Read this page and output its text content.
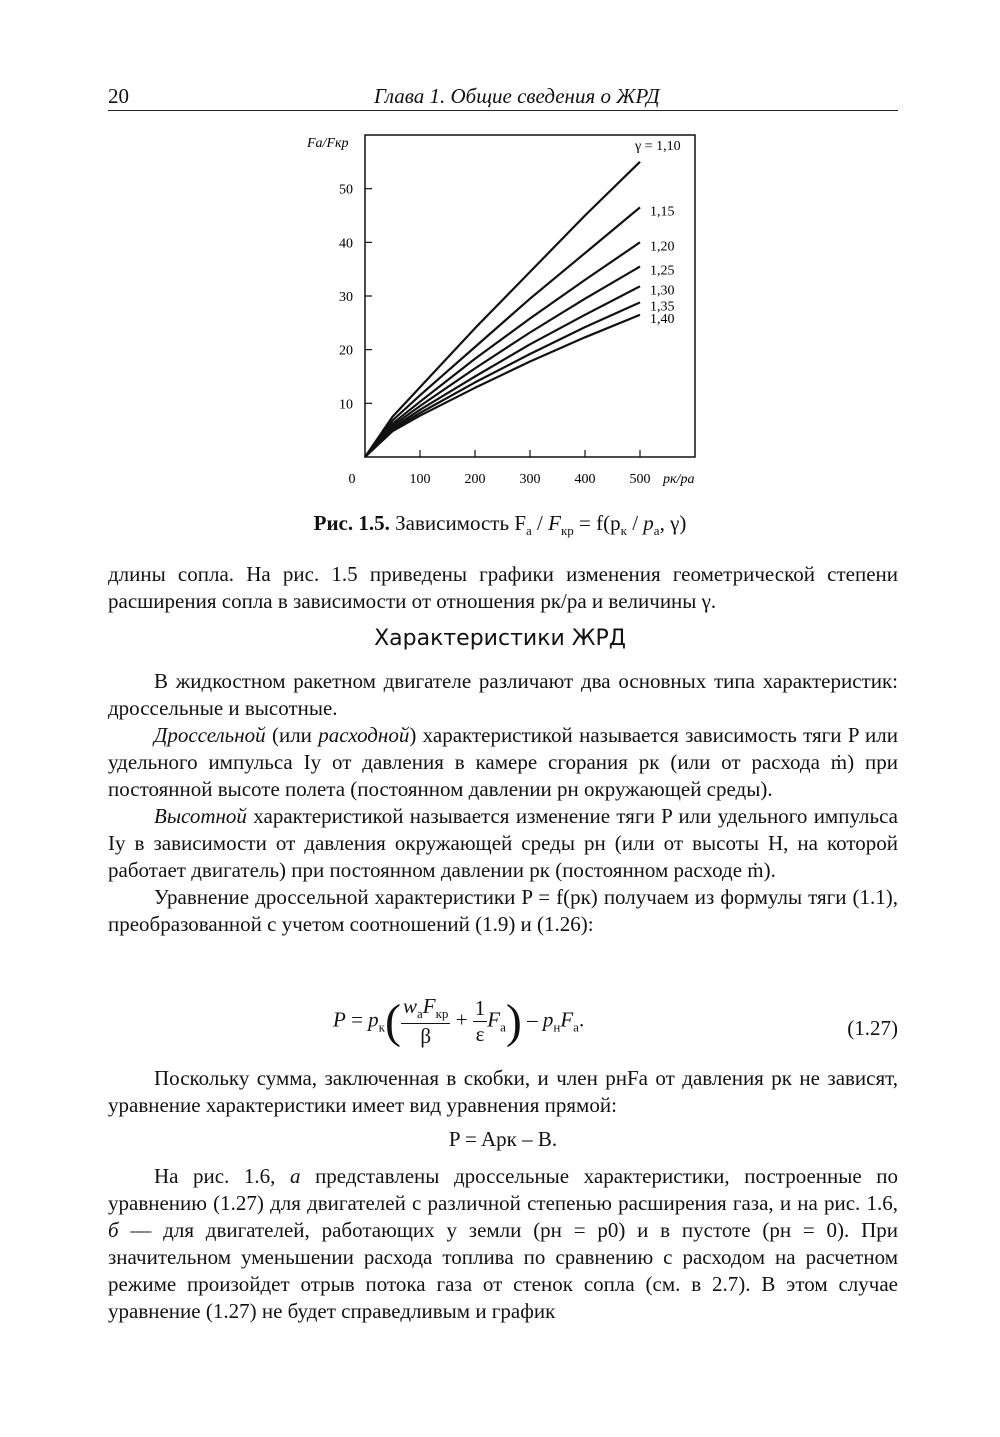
20	Глава 1. Общие сведения о ЖРД
10
20
30
40
50
0	100 200 300 400 500
Fa/Fкр
pк/pа
γ = 1,10
1,15
1,20
1,25
1,30
1,35
1,40
Рис. 1.5. Зависимость $F_а / F_{кр} = f(p_к / p_а$, γ)

длины сопла. На рис. 1.5 приведены графики изменения геометрической степени расширения сопла в зависимости от отношения pк/pa и величины γ.

Характеристики ЖРД

В жидкостном ракетном двигателе различают два основных типа характеристик: дроссельные и высотные.

Дроссельной (или расходной) характеристикой называется зависимость тяги P или удельного импульса Iу от давления в камере сгорания pк (или от расхода ṁ) при постоянной высоте полета (постоянном давлении pн окружающей среды).

Высотной характеристикой называется изменение тяги P или удельного импульса Iу в зависимости от давления окружающей среды pн (или от высоты H, на которой работает двигатель) при постоянном давлении pк (постоянном расходе ṁ).

Уравнение дроссельной характеристики P = f(pк) получаем из формулы тяги (1.1), преобразованной с учетом соотношений (1.9) и (1.26):

$P = p_к( \frac{w_аF_{кр}}{\beta} + \frac{1}{\varepsilon} F_а) - p_нF_а$.	(1.27)

Поскольку сумма, заключенная в скобки, и член pнFа от давления pк не зависят, уравнение характеристики имеет вид уравнения прямой:

P = Apк – B.

На рис. 1.6, а представлены дроссельные характеристики, построенные по уравнению (1.27) для двигателей с различной степенью расширения газа, и на рис. 1.6, б — для двигателей, работающих у земли (pн = p0) и в пустоте (pн = 0). При значительном уменьшении расхода топлива по сравнению с расходом на расчетном режиме произойдет отрыв потока газа от стенок сопла (см. в 2.7). В этом случае уравнение (1.27) не будет справедливым и график
